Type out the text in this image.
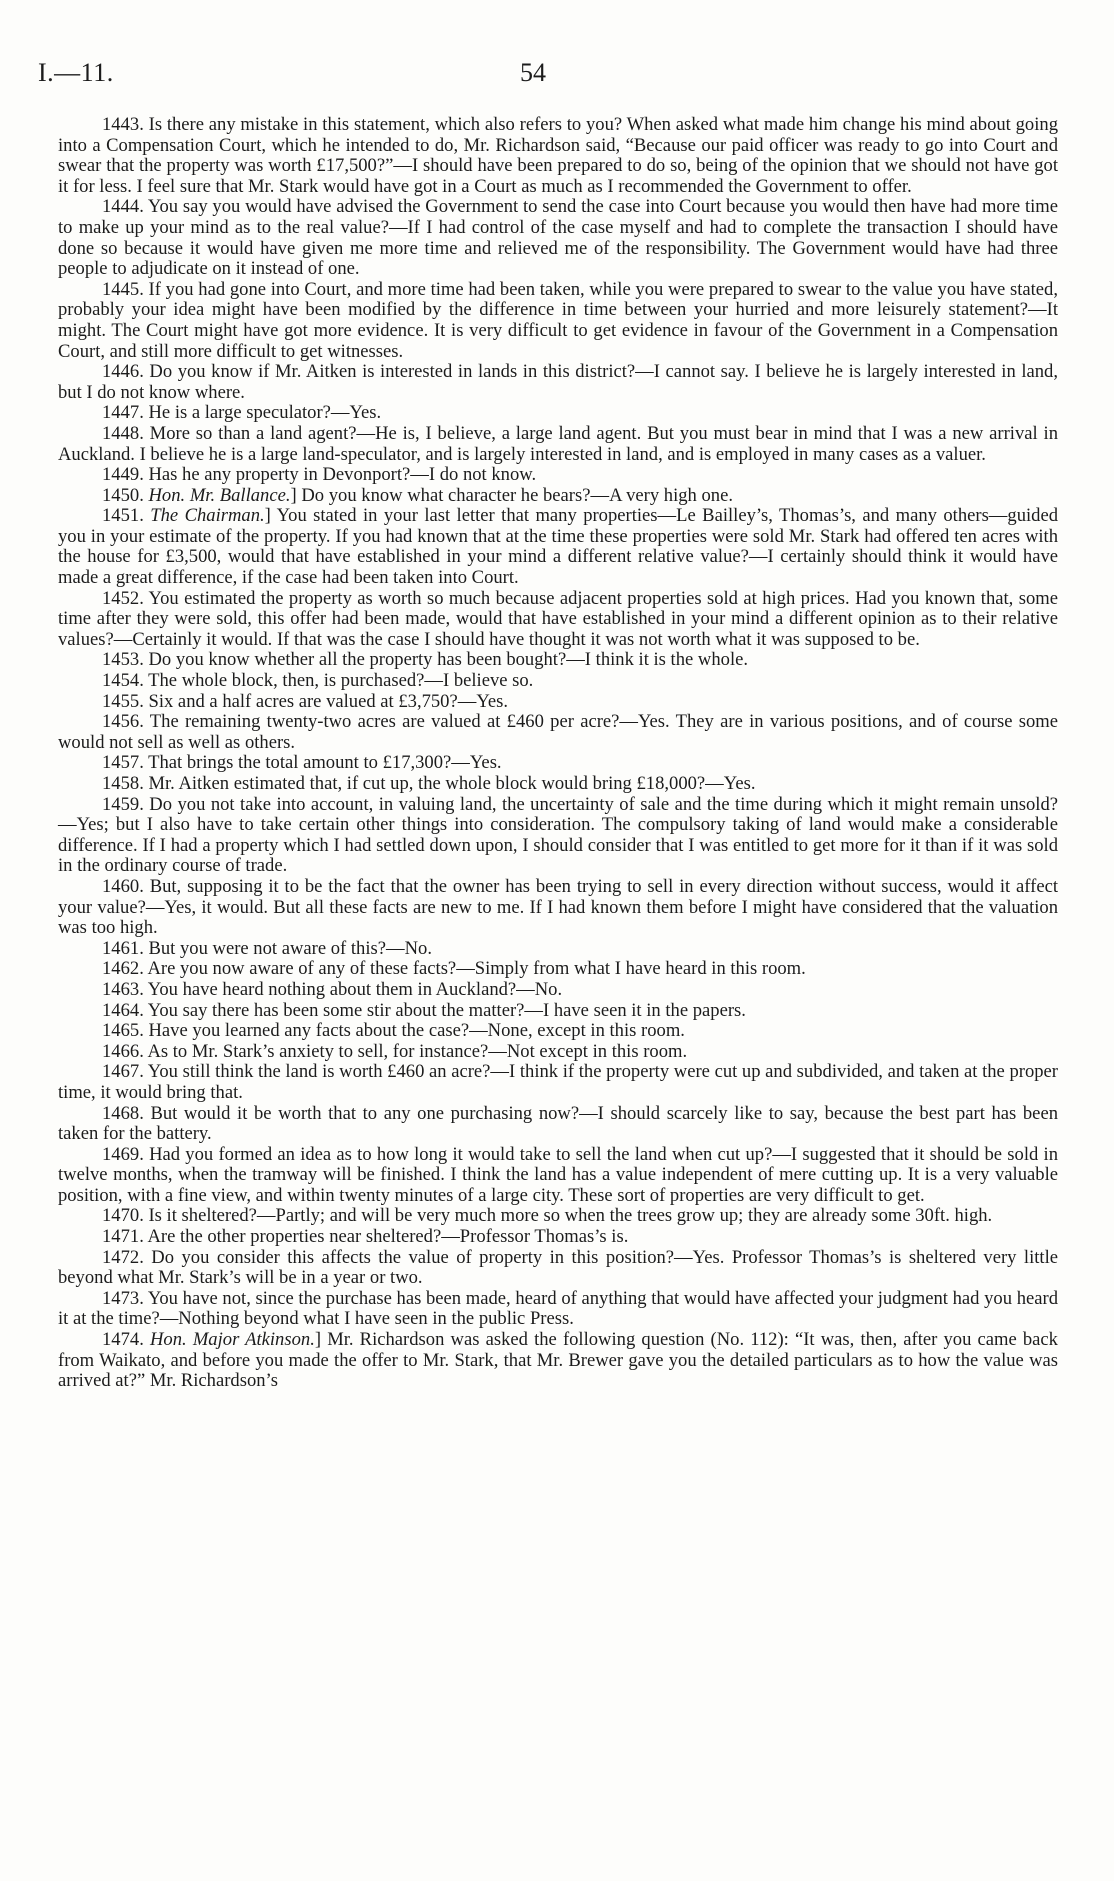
I.—11.	54

1443. Is there any mistake in this statement, which also refers to you? When asked what made him change his mind about going into a Compensation Court, which he intended to do, Mr. Richardson said, “Because our paid officer was ready to go into Court and swear that the property was worth £17,500?”—I should have been prepared to do so, being of the opinion that we should not have got it for less. I feel sure that Mr. Stark would have got in a Court as much as I recommended the Government to offer.

1444. You say you would have advised the Government to send the case into Court because you would then have had more time to make up your mind as to the real value?—If I had control of the case myself and had to complete the transaction I should have done so because it would have given me more time and relieved me of the responsibility. The Government would have had three people to adjudicate on it instead of one.

1445. If you had gone into Court, and more time had been taken, while you were prepared to swear to the value you have stated, probably your idea might have been modified by the difference in time between your hurried and more leisurely statement?—It might. The Court might have got more evidence. It is very difficult to get evidence in favour of the Government in a Compensation Court, and still more difficult to get witnesses.

1446. Do you know if Mr. Aitken is interested in lands in this district?—I cannot say. I believe he is largely interested in land, but I do not know where.

1447. He is a large speculator?—Yes.

1448. More so than a land agent?—He is, I believe, a large land agent. But you must bear in mind that I was a new arrival in Auckland. I believe he is a large land-speculator, and is largely interested in land, and is employed in many cases as a valuer.

1449. Has he any property in Devonport?—I do not know.

1450. Hon. Mr. Ballance.] Do you know what character he bears?—A very high one.

1451. The Chairman.] You stated in your last letter that many properties—Le Bailley’s, Thomas’s, and many others—guided you in your estimate of the property. If you had known that at the time these properties were sold Mr. Stark had offered ten acres with the house for £3,500, would that have established in your mind a different relative value?—I certainly should think it would have made a great difference, if the case had been taken into Court.

1452. You estimated the property as worth so much because adjacent properties sold at high prices. Had you known that, some time after they were sold, this offer had been made, would that have established in your mind a different opinion as to their relative values?—Certainly it would. If that was the case I should have thought it was not worth what it was supposed to be.

1453. Do you know whether all the property has been bought?—I think it is the whole.

1454. The whole block, then, is purchased?—I believe so.

1455. Six and a half acres are valued at £3,750?—Yes.

1456. The remaining twenty-two acres are valued at £460 per acre?—Yes. They are in various positions, and of course some would not sell as well as others.

1457. That brings the total amount to £17,300?—Yes.

1458. Mr. Aitken estimated that, if cut up, the whole block would bring £18,000?—Yes.

1459. Do you not take into account, in valuing land, the uncertainty of sale and the time during which it might remain unsold?—Yes; but I also have to take certain other things into consideration. The compulsory taking of land would make a considerable difference. If I had a property which I had settled down upon, I should consider that I was entitled to get more for it than if it was sold in the ordinary course of trade.

1460. But, supposing it to be the fact that the owner has been trying to sell in every direction without success, would it affect your value?—Yes, it would. But all these facts are new to me. If I had known them before I might have considered that the valuation was too high.

1461. But you were not aware of this?—No.

1462. Are you now aware of any of these facts?—Simply from what I have heard in this room.

1463. You have heard nothing about them in Auckland?—No.

1464. You say there has been some stir about the matter?—I have seen it in the papers.

1465. Have you learned any facts about the case?—None, except in this room.

1466. As to Mr. Stark’s anxiety to sell, for instance?—Not except in this room.

1467. You still think the land is worth £460 an acre?—I think if the property were cut up and subdivided, and taken at the proper time, it would bring that.

1468. But would it be worth that to any one purchasing now?—I should scarcely like to say, because the best part has been taken for the battery.

1469. Had you formed an idea as to how long it would take to sell the land when cut up?—I suggested that it should be sold in twelve months, when the tramway will be finished. I think the land has a value independent of mere cutting up. It is a very valuable position, with a fine view, and within twenty minutes of a large city. These sort of properties are very difficult to get.

1470. Is it sheltered?—Partly; and will be very much more so when the trees grow up; they are already some 30ft. high.

1471. Are the other properties near sheltered?—Professor Thomas’s is.

1472. Do you consider this affects the value of property in this position?—Yes. Professor Thomas’s is sheltered very little beyond what Mr. Stark’s will be in a year or two.

1473. You have not, since the purchase has been made, heard of anything that would have affected your judgment had you heard it at the time?—Nothing beyond what I have seen in the public Press.

1474. Hon. Major Atkinson.] Mr. Richardson was asked the following question (No. 112): “It was, then, after you came back from Waikato, and before you made the offer to Mr. Stark, that Mr. Brewer gave you the detailed particulars as to how the value was arrived at?” Mr. Richardson’s
